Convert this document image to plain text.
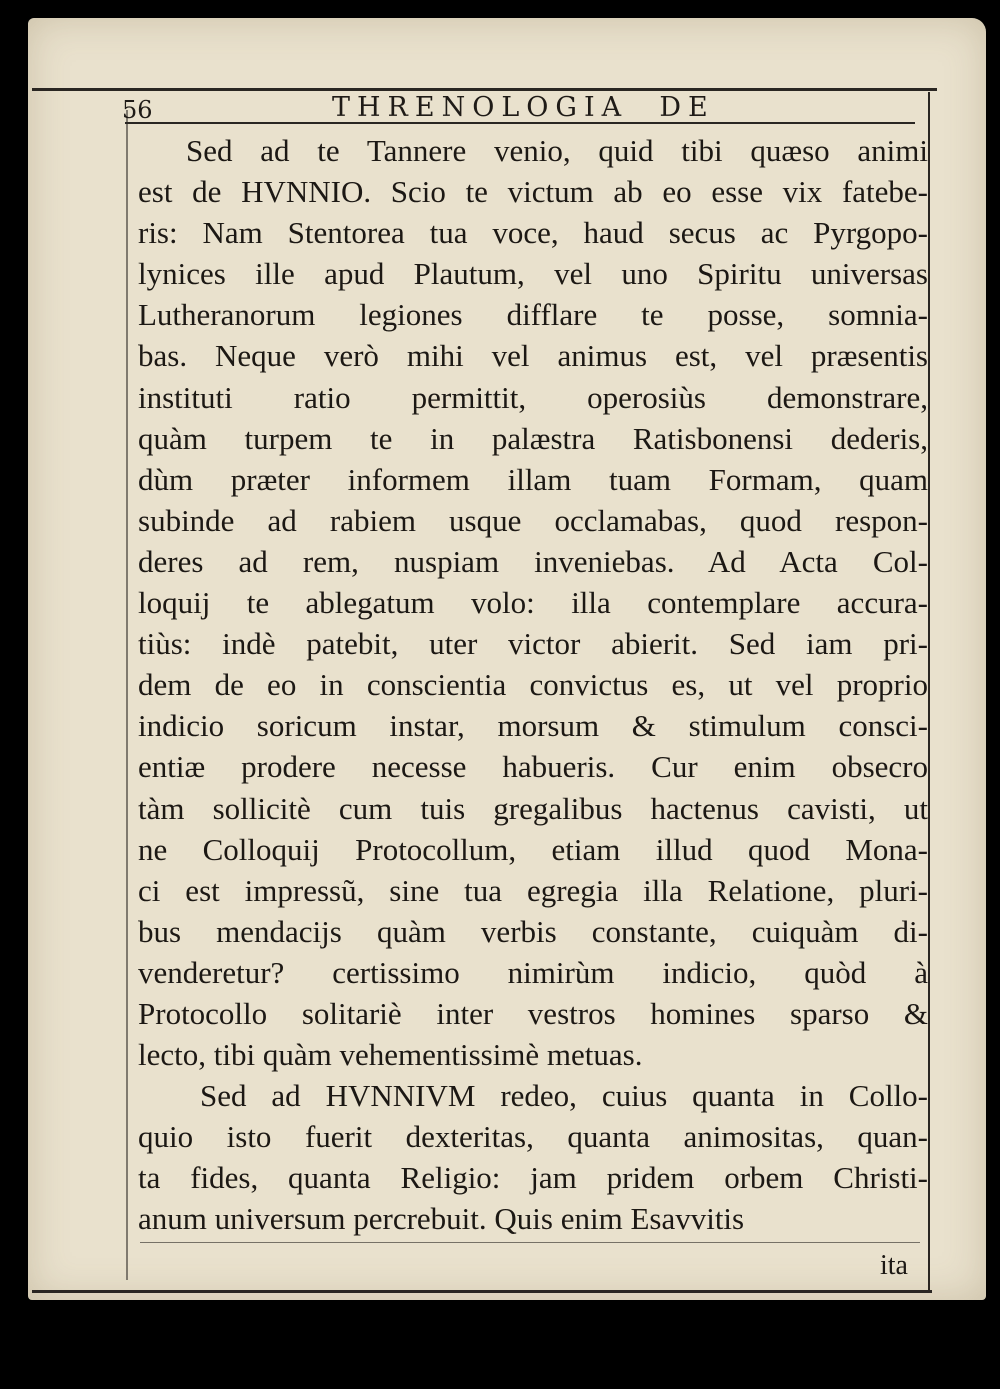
56	THRENOLOGIA  DE
Sed ad te Tannere venio, quid tibi quæso animi
est de HVNNIO. Scio te victum ab eo esse vix fatebe-
ris: Nam Stentorea tua voce, haud secus ac Pyrgopo-
lynices ille apud Plautum, vel uno Spiritu universas
Lutheranorum legiones difflare te posse, somnia-
bas. Neque verò mihi vel animus est, vel præsentis
instituti ratio permittit, operosiùs demonstrare,
quàm turpem te in palæstra Ratisbonensi dederis,
dùm præter informem illam tuam Formam, quam
subinde ad rabiem usque occlamabas, quod respon-
deres ad rem, nuspiam inveniebas. Ad Acta Col-
loquij te ablegatum volo: illa contemplare accura-
tiùs: indè patebit, uter victor abierit. Sed iam pri-
dem de eo in conscientia convictus es, ut vel proprio
indicio soricum instar, morsum & stimulum consci-
entiæ prodere necesse habueris. Cur enim obsecro
tàm sollicitè cum tuis gregalibus hactenus cavisti, ut
ne Colloquij Protocollum, etiam illud quod Mona-
ci est impressũ, sine tua egregia illa Relatione, pluri-
bus mendacijs quàm verbis constante, cuiquàm di-
venderetur? certissimo nimirùm indicio, quòd à
Protocollo solitariè inter vestros homines sparso &
lecto, tibi quàm vehementissimè metuas.
Sed ad HVNNIVM redeo, cuius quanta in Collo-
quio isto fuerit dexteritas, quanta animositas, quan-
ta fides, quanta Religio: jam pridem orbem Christi-
anum universum percrebuit. Quis enim Esavvitis
ita
